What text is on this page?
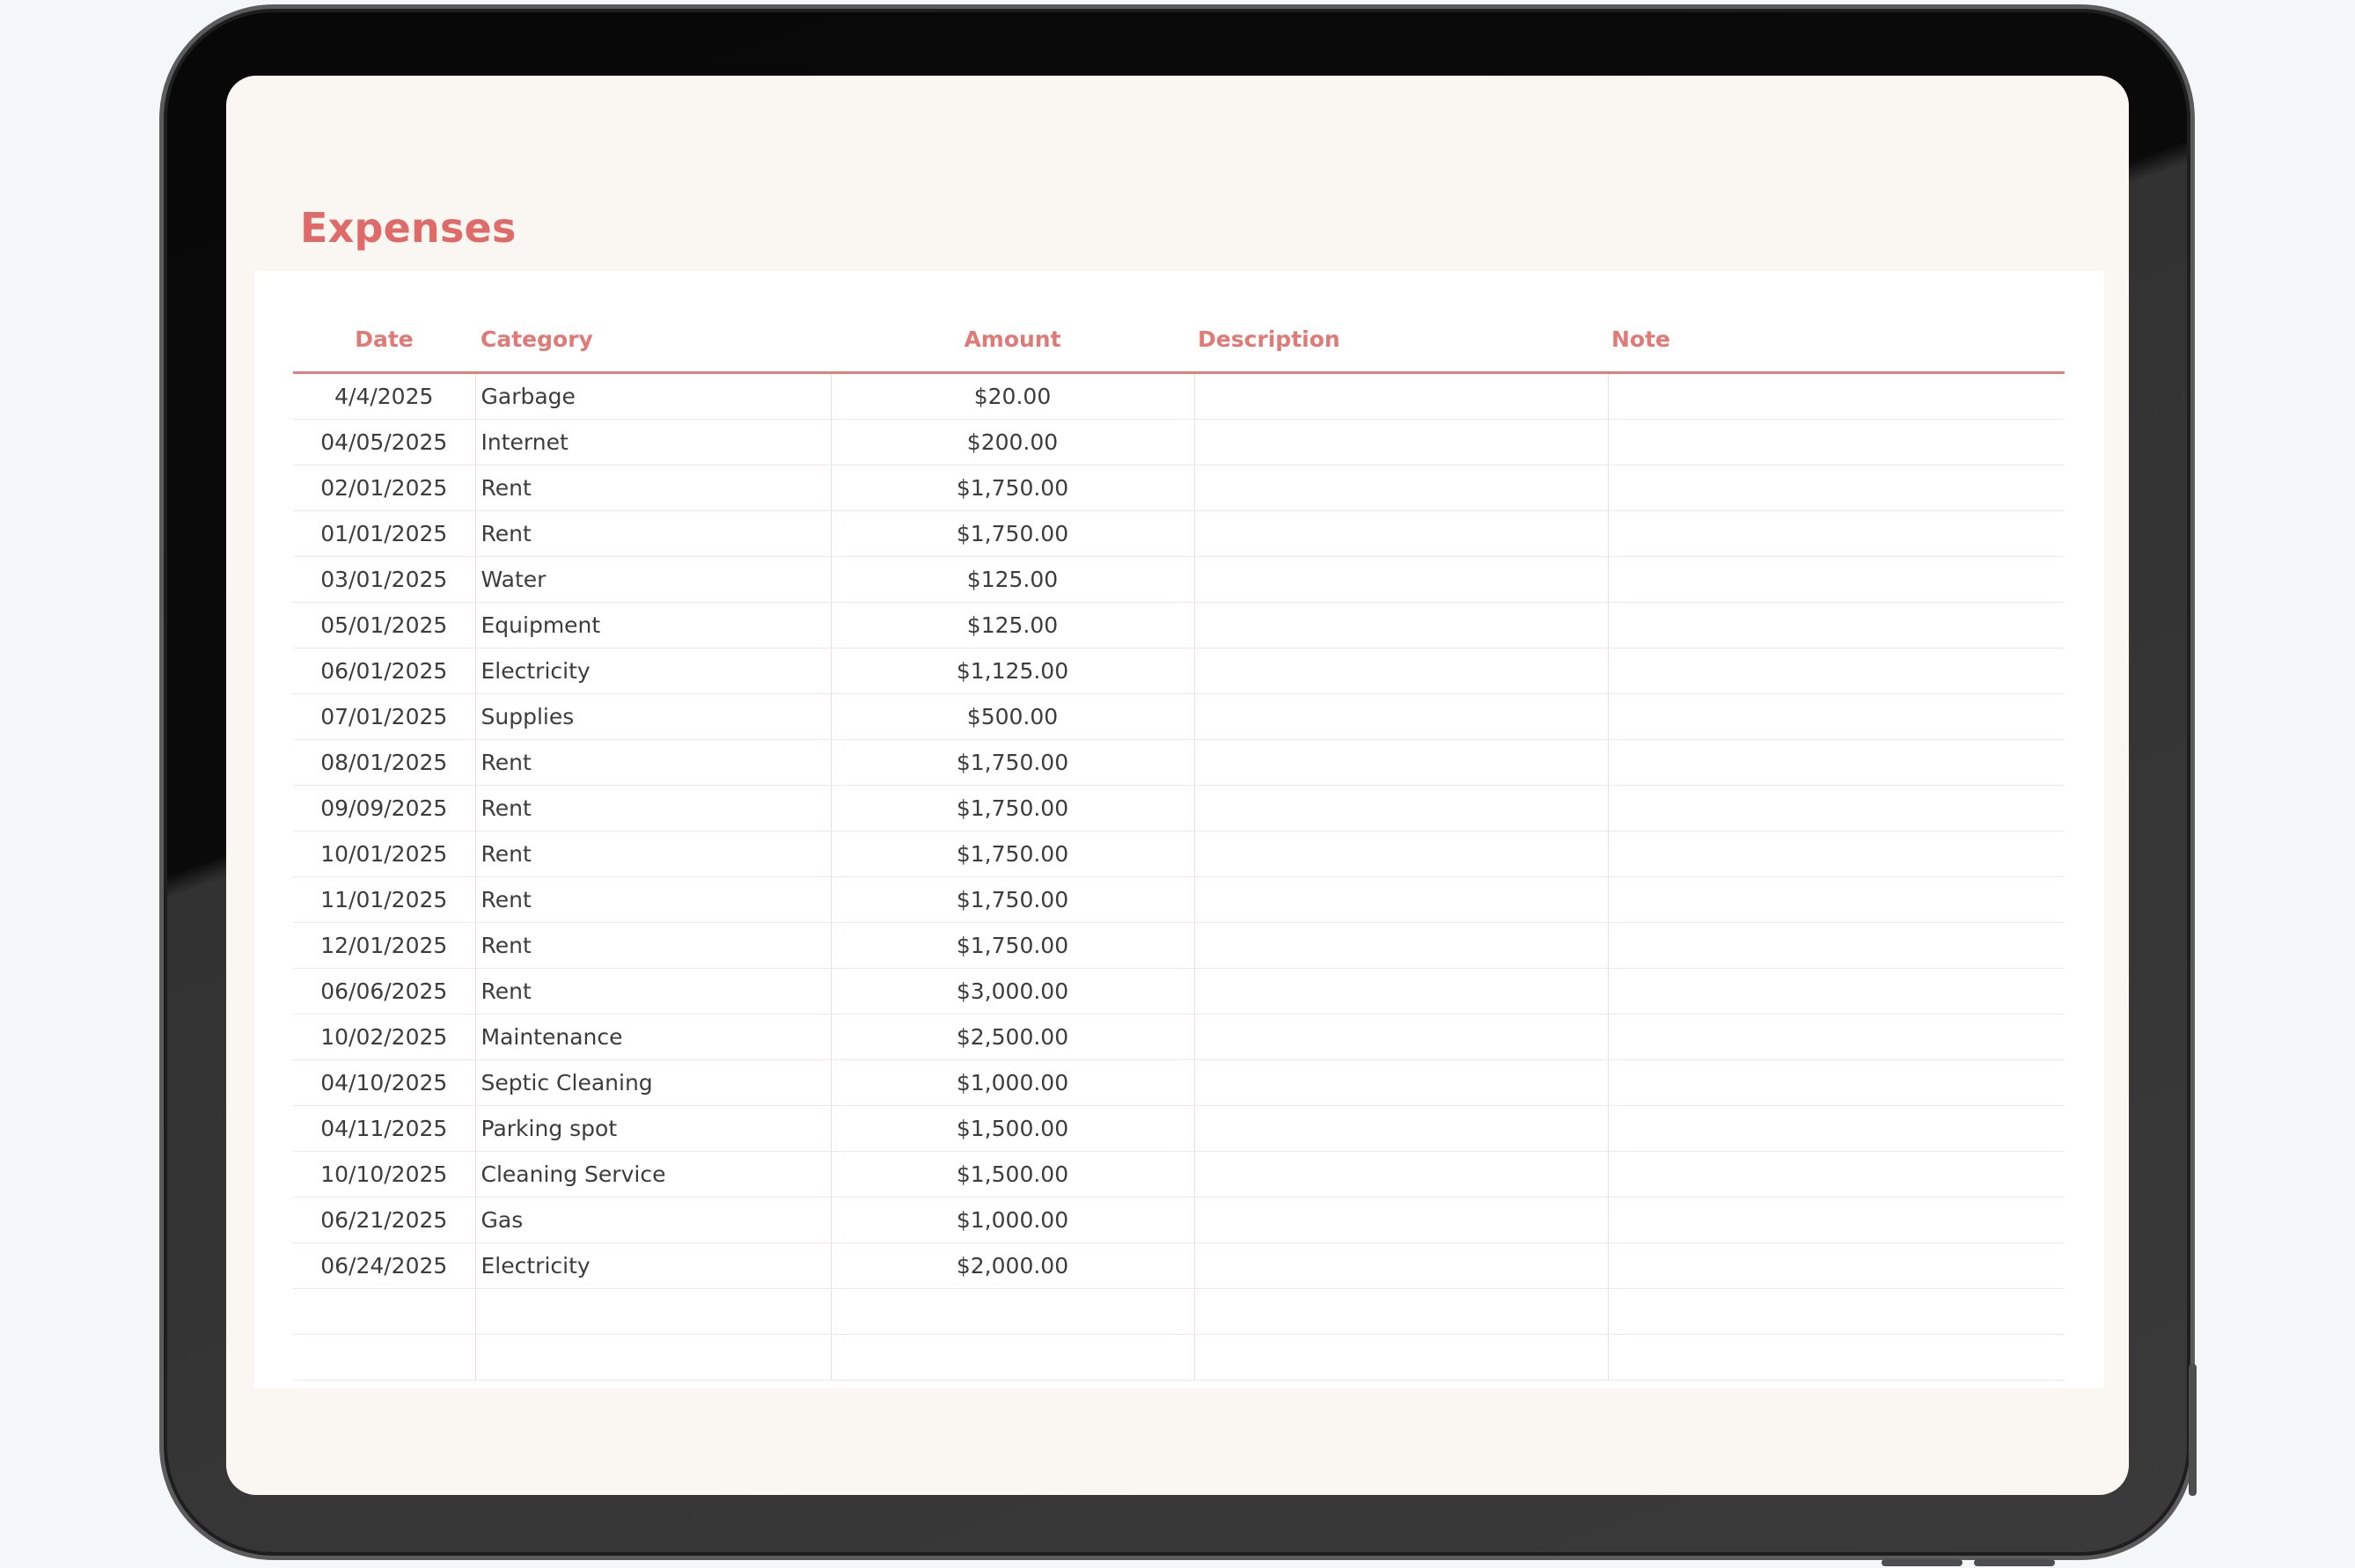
Expenses
Date	Category	Amount	Description	Note
4/4/2025	Garbage	$20.00		
04/05/2025	Internet	$200.00		
02/01/2025	Rent	$1,750.00		
01/01/2025	Rent	$1,750.00		
03/01/2025	Water	$125.00		
05/01/2025	Equipment	$125.00		
06/01/2025	Electricity	$1,125.00		
07/01/2025	Supplies	$500.00		
08/01/2025	Rent	$1,750.00		
09/09/2025	Rent	$1,750.00		
10/01/2025	Rent	$1,750.00		
11/01/2025	Rent	$1,750.00		
12/01/2025	Rent	$1,750.00		
06/06/2025	Rent	$3,000.00		
10/02/2025	Maintenance	$2,500.00		
04/10/2025	Septic Cleaning	$1,000.00		
04/11/2025	Parking spot	$1,500.00		
10/10/2025	Cleaning Service	$1,500.00		
06/21/2025	Gas	$1,000.00		
06/24/2025	Electricity	$2,000.00		
